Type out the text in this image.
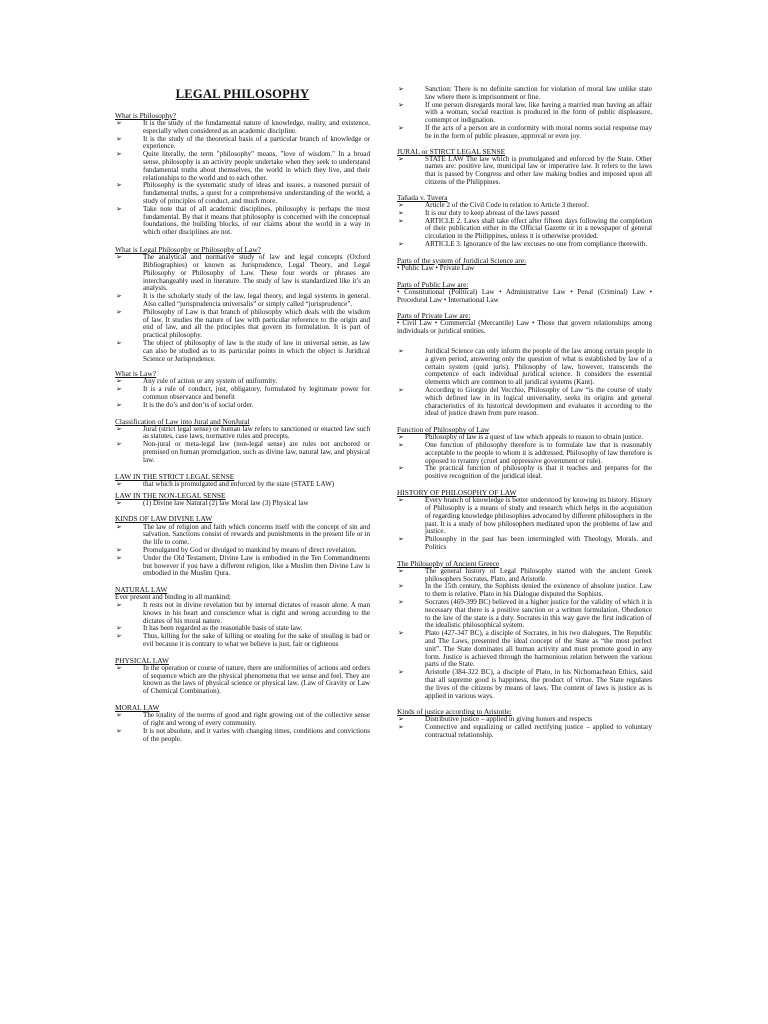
LEGAL PHILOSOPHY

What is Philosophy?

➢	It is the study of the fundamental nature of knowledge, reality, and existence, especially when considered as an academic discipline.
➢	It is the study of the theoretical basis of a particular branch of knowledge or experience.
➢	Quite literally, the term "philosophy" means, "love of wisdom." In a broad sense, philosophy is an activity people undertake when they seek to understand fundamental truths about themselves, the world in which they live, and their relationships to the world and to each other.
➢	Philosophy is the systematic study of ideas and issues, a reasoned pursuit of fundamental truths, a quest for a comprehensive understanding of the world, a study of principles of conduct, and much more.
➢	Take note that of all academic disciplines, philosophy is perhaps the most fundamental. By that it means that philosophy is concerned with the conceptual foundations, the building blocks, of our claims about the world in a way in which other disciplines are not.

What is Legal Philosophy or Philosophy of Law?

➢	The analytical and normative study of law and legal concepts (Oxford Bibliographies) or known as Jurisprudence, Legal Theory, and Legal Philosophy or Philosophy of Law. These four words or phrases are interchangeably used in literature. The study of law is standardized like it’s an analysis.
➢	It is the scholarly study of the law, legal theory, and legal systems in general. Also called “jurisprudencia universalis” or simply called “jurisprudence”.
➢	Philosophy of Law is that branch of philosophy which deals with the wisdom of law. It studies the nature of law with particular reference to the origin and end of law, and all the principles that govern its formulation. It is part of practical philosophy.
➢	The object of philosophy of law is the study of law in universal sense, as law can also be studied as to its particular points in which the object is Juridical Science or Jurisprudence.

What is Law?

➢	Any rule of action or any system of uniformity.
➢	It is a rule of conduct, just, obligatory, formulated by legitimate power for common observance and benefit
➢	It is the do’s and don’ts of social order.

Classification of Law into Jural and NonJural

➢	Jural (strict legal sense) or human law refers to sanctioned or enacted law such as statutes, case laws, normative rules and precepts.
➢	Non-jural or meta-legal law (non-legal sense) are rules not anchored or premised on human promulgation, such as divine law, natural law, and physical law.

LAW IN THE STRICT LEGAL SENSE

➢	that which is promulgated and enforced by the state (STATE LAW)

LAW IN THE NON-LEGAL SENSE

➢	(1) Divine law Natural (2) law Moral law (3) Physical law

KINDS OF LAW DIVINE LAW

➢	The law of religion and faith which concerns itself with the concept of sin and salvation. Sanctions consist of rewards and punishments in the present life or in the life to come.
➢	Promulgated by God or divulged to mankind by means of direct revelation.
➢	Under the Old Testament, Divine Law is embodied in the Ten Commandments but however if you have a different religion, like a Muslim then Divine Law is embodied in the Muslim Qura.

NATURAL LAW

Ever present and binding in all mankind;

➢	It rests not in divine revelation but by internal dictates of reason alone. A man knows in his heart and conscience what is right and wrong according to the dictates of his moral nature.
➢	It has been regarded as the reasonable basis of state law.
➢	Thus, killing for the sake of killing or stealing for the sake of stealing is bad or evil because it is contrary to what we believe is just, fair or righteous

PHYSICAL LAW

➢	In the operation or course of nature, there are uniformities of actions and orders of sequence which are the physical phenomena that we sense and feel. They are known as the laws of physical science or physical law. (Law of Gravity or Law of Chemical Combination).

MORAL LAW

➢	The totality of the norms of good and right growing out of the collective sense of right and wrong of every community.
➢	It is not absolute, and it varies with changing times, conditions and convictions of the people.
➢	Sanction: There is no definite sanction for violation of moral law unlike state law where there is imprisonment or fine.
➢	If one person disregards moral law, like having a married man having an affair with a woman, social reaction is produced in the form of public displeasure, contempt or indignation.
➢	If the acts of a person are in conformity with moral norms social response may be in the form of public pleasure, approval or even joy.

JURAL or STIRCT LEGAL SENSE

➢	STATE LAW The law which is promulgated and enforced by the State. Other names are: positive law, municipal law or imperative law. It refers to the laws that is passed by Congress and other law making bodies and imposed upon all citizens of the Philippines.

Tañada v. Tuvera

➢	Article 2 of the Civil Code in relation to Article 3 thereof.
➢	It is our duty to keep abreast of the laws passed
➢	ARTICLE 2. Laws shall take effect after fifteen days following the completion of their publication either in the Official Gazette or in a newspaper of general circulation in the Philippines, unless it is otherwise provided.
➢	ARTICLE 3. Ignorance of the law excuses no one from compliance therewith.

Parts of the system of Juridical Science are:

• Public Law • Private Law

Parts of Public Law are:

• Constitutional (Political) Law • Administrative Law • Penal (Criminal) Law • Procedural Law • International Law

Parts of Private Law are:

• Civil Law • Commercial (Mercantile) Law • Those that govern relationships among individuals or juridical entities.

➢	Juridical Science can only inform the people of the law among certain people in a given period, answering only the question of what is established by law of a certain system (quid juris). Philosophy of law, however, transcends the competence of each individual juridical science. It considers the essential elements which are common to all juridical systems (Kant).
➢	According to Giorgio del Vecchio, Philosophy of Law “is the course of study which defined law in its logical universality, seeks its origins and general characteristics of its historical development and evaluates it according to the ideal of justice drawn from pure reason.

Function of Philosophy of Law

➢	Philosophy of law is a quest of law which appeals to reason to obtain justice.
➢	One function of philosophy therefore is to formulate law that is reasonably acceptable to the people to whom it is addressed. Philosophy of law therefore is opposed to tyranny (cruel and oppressive government or rule).
➢	The practical function of philosophy is that it teaches and prepares for the positive recognition of the juridical ideal.

HISTORY OF PHILOSOPHY OF LAW

➢	Every branch of knowledge is better understood by knowing its history. History of Philosophy is a means of study and research which helps in the acquisition of regarding knowledge philosophies advocated by different philosophers in the past. It is a study of how philosophers meditated upon the problems of law and justice.
➢	Philosophy in the past has been intermingled with Theology, Morals, and Politics

The Philosophy of Ancient Greece

➢	The general history of Legal Philosophy started with the ancient Greek philosophers Socrates, Plato, and Aristotle.
➢	In the 15th century, the Sophists denied the existence of absolute justice. Law to them is relative. Plato in his Dialogue disputed the Sophists.
➢	Socrates (469-399 BC) believed in a higher justice for the validity of which it is necessary that there is a positive sanction or a written formulation. Obedience to the law of the state is a duty. Socrates in this way gave the first indication of the idealistic philosophical system.
➢	Plato (427-347 BC), a disciple of Socrates, in his two dialogues, The Republic and The Laws, presented the ideal concept of the State as “the most perfect unit”. The State dominates all human activity and must promote good in any form. Justice is achieved through the harmonious relation between the various parts of the State.
➢	Aristotle (384-322 BC), a disciple of Plato, in his Nichomachean Ethics, said that all supreme good is happiness, the product of virtue. The State regulates the lives of the citizens by means of laws. The content of laws is justice as is applied in various ways.

Kinds of justice according to Aristotle:

➢	Distributive justice – applied in giving honors and respects
➢	Connective and equalizing or called rectifying justice – applied to voluntary contractual relationship.
